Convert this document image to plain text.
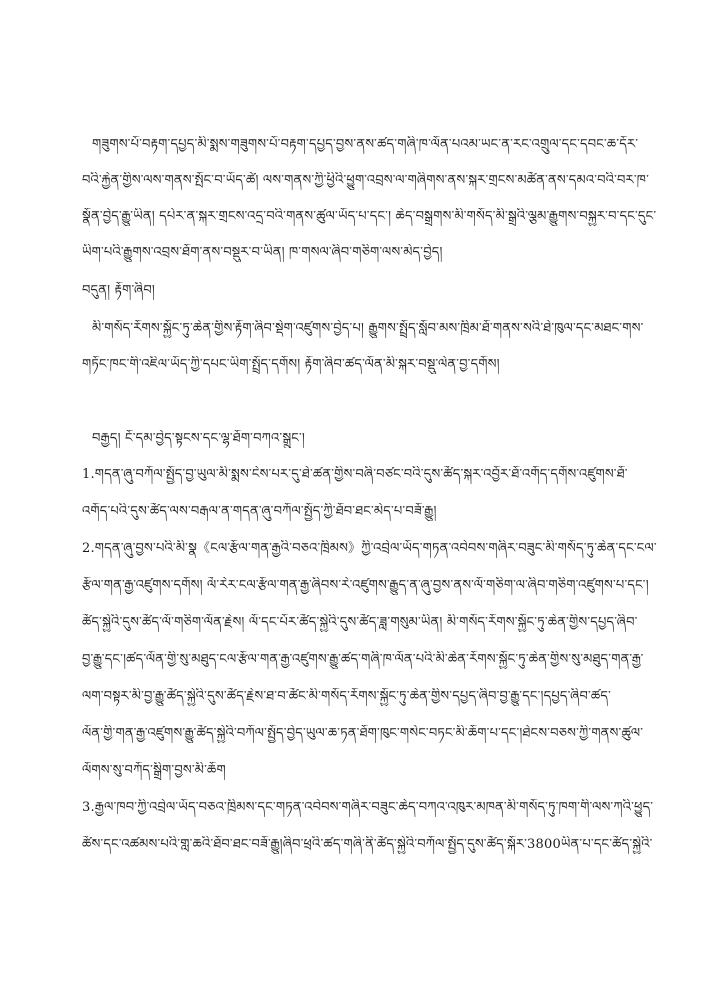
གཟུགས་པོ་བརྟག་དཔྱད་མི་སྨས་གཟུགས་པོ་བརྟག་དཔྱད་བྱས་ནས་ཚད་གཞི་ཁ་ལོན་པའམ་ཡང་ན་རང་འགྲུལ་དང་དབང་ཆ་དོར་
བའི་རྐྱེན་གྱིས་ལས་གནས་སྤོང་བ་ཡོད་ཚེ། ལས་གནས་ཀྱི་ཕྱིའི་ཕྱུག་འབྲས་ལ་གཞིགས་ནས་སྐར་གྲངས་མཚོན་ནས་དམའ་བའི་བར་ཁ་
སྣོན་བྱེད་རྒྱུ་ཡིན། དཔེར་ན་སྐར་གྲངས་འདྲ་བའི་གནས་ཚུལ་ཡོད་པ་དང་། ཆེད་བསྒྲགས་མི་གསོད་མི་སྒྲའི་ལྕམ་རྒྱུགས་བསྐྱར་བ་དང་དུང་
ཡིག་པའི་རྒྱུགས་འབྲས་ཐོག་ནས་བསྡུར་བ་ཡིན། ཁ་གསལ་ཞིབ་གཅིག་ལས་མེད་བྱེད།
བདུན། རྟོག་ཞིབ།
མི་གསོད་རོགས་སྐྱོང་ཏུ་ཆེན་གྱིས་རྟོག་ཞིབ་སྡེག་འཛུགས་བྱེད་པ། རྒྱུགས་སྤྲོད་སློབ་མས་ཁྲིམ་ཐོ་གནས་སའི་ཐེ་ཁུལ་དང་མཐང་གས་
གཏོང་ཁང་གི་འཇིལ་ཡོད་ཀྱི་དཔང་ཡིག་སྤྲོད་དགོས། རྟོག་ཞིབ་ཚད་ལོན་མི་སྐར་བསྡུ་ལེན་བྱ་དགོས།
བརྒྱད། ངོ་དམ་བྱེད་སྟངས་དང་ལྷ་ཐོག་བཀའ་སྒྲུང་།
1.གདན་ཞུ་བཀོལ་སྤྱོད་བྱ་ཡུལ་མི་སྨས་ངེས་པར་དུ་ཐེ་ཚན་གྱིས་བཞི་བཙང་བའི་དུས་ཚོད་སྐར་འབྱོར་ཐོ་འགོད་དགོས་འཛུགས་ཐོ་
འགོད་པའི་དུས་ཚོད་ལས་བརྒལ་ན་གདན་ཞུ་བཀོལ་སྤྱོད་ཀྱི་ཐོབ་ཐང་མེད་པ་བཟོ་རྒྱུ།
2.གདན་ཞུ་བྱས་པའི་མི་སྣ《ངལ་རྩོལ་གན་རྒྱའི་བཅའ་ཁྲིམས》ཀྱི་འབྲེལ་ཡོད་གཏན་འབེབས་གཞིར་བཟུང་མི་གསོད་ཏུ་ཆེན་དང་ངལ་
རྩོལ་གན་རྒྱ་འཛུགས་དགོས། ལོ་རེར་ངལ་རྩོལ་གན་རྒྱ་ཞིབས་རེ་འཛུགས་རྒྱུད་ན་ཞུ་བྱས་ནས་ལོ་གཅིག་ལ་ཞིབ་གཅིག་འཛུགས་པ་དང་།
ཚོད་སྐྱེའི་དུས་ཚོད་ལོ་གཅིག་ལོན་རྗེས། ལོ་དང་པོར་ཚོད་སྐྱེའི་དུས་ཚོད་ཟླ་གསུམ་ཡིན། མི་གསོད་རོགས་སྐྱོང་ཏུ་ཆེན་གྱིས་དཔྱད་ཞིབ་
བྱ་རྒྱུ་དང་།ཚད་ལོན་གྱི་སུ་མཐུད་ངལ་རྩོལ་གན་རྒྱ་འཛུགས་རྒྱུ་ཚད་གཞི་ཁ་ལོན་པའི་མི་ཆེན་རོགས་སྐྱོང་ཏུ་ཆེན་གྱིས་སུ་མཐུད་གན་རྒྱ་
ལག་བསྟར་མི་བྱ་རྒྱུ་ཚོད་སྐྱེའི་དུས་ཚོད་རྗེས་ཐ་བ་ཚོང་མི་གསོད་རོགས་སྐྱོང་ཏུ་ཆེན་གྱིས་དཔྱད་ཞིབ་བྱ་རྒྱུ་དང་།དཔྱད་ཞིབ་ཚད་
ལོན་གྱི་གན་རྒྱ་འཛུགས་རྒྱུ་ཚོད་སྐྱེའི་བཀོལ་སྤྱོད་བྱེད་ཡུལ་ཆ་ཏན་ཐོག་ཁུང་གསེང་བཏང་མི་ཆོག་པ་དང་།ཐེངས་བཅས་ཀྱི་གནས་ཚུལ་
ལོགས་སུ་བཀོད་སྒྲིག་བྱས་མི་ཆོག
3.རྒྱལ་ཁབ་ཀྱི་འབྲེལ་ཡོད་བཅའ་ཁྲིམས་དང་གཏན་འབེབས་གཞིར་བཟུང་ཆེད་བཀའ་འཁུར་མཁན་མི་གསོད་ཏུ་ཁག་གི་ལས་ཀའི་ཕྱུད་
ཚོས་དང་འཚམས་པའི་གླ་ཆའི་ཐོབ་ཐང་བཟོ་རྒྱུ།ཞིབ་ཕྲའི་ཚད་གཞི་ནི་ཚོད་སྐྱེའི་བཀོལ་སྤྱོད་དུས་ཚོད་སྐོར་3800ཡིན་པ་དང་ཚོད་སྐྱེའི་
